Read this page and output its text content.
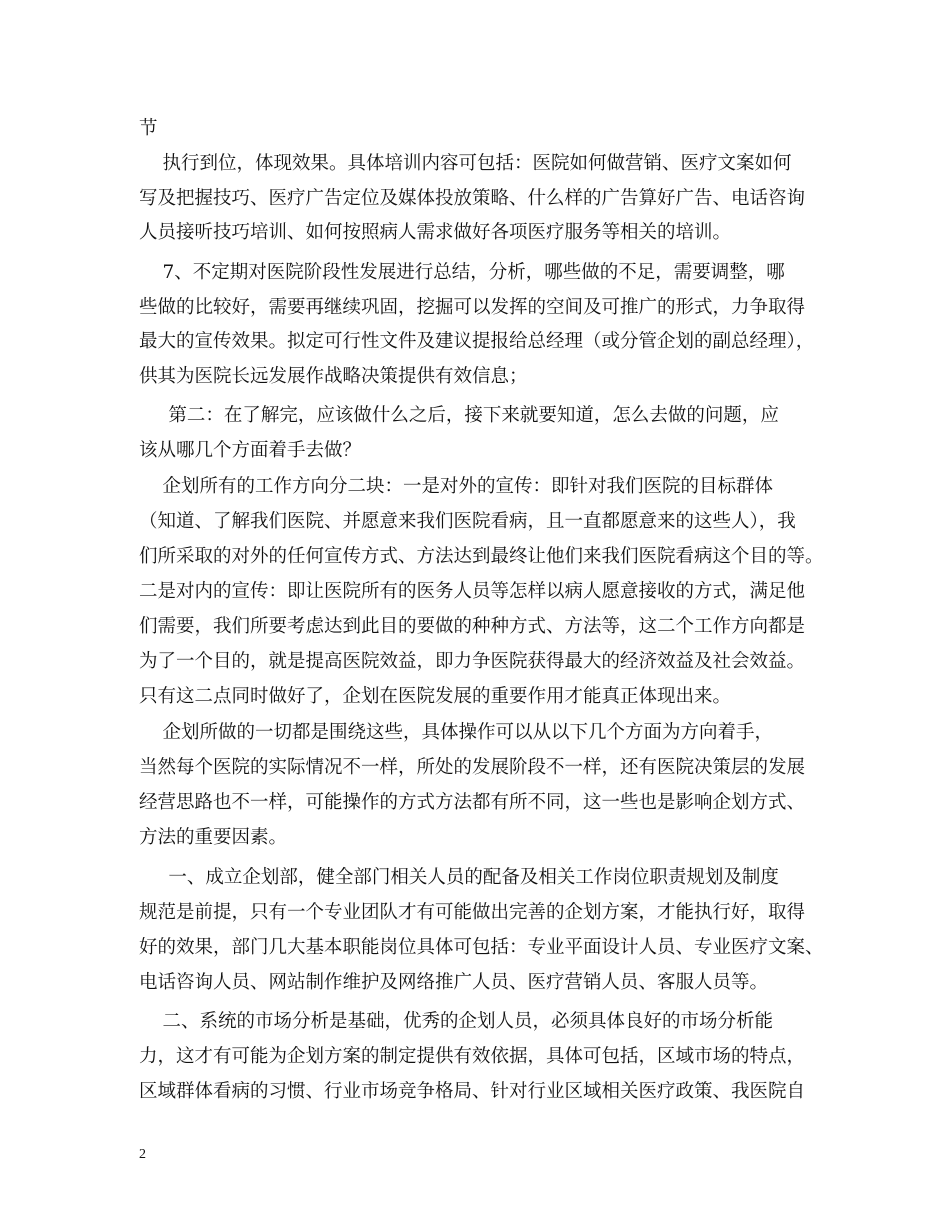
节
执行到位，体现效果。具体培训内容可包括：医院如何做营销、医疗文案如何
写及把握技巧、医疗广告定位及媒体投放策略、什么样的广告算好广告、电话咨询
人员接听技巧培训、如何按照病人需求做好各项医疗服务等相关的培训。
7、不定期对医院阶段性发展进行总结，分析，哪些做的不足，需要调整，哪
些做的比较好，需要再继续巩固，挖掘可以发挥的空间及可推广的形式，力争取得
最大的宣传效果。拟定可行性文件及建议提报给总经理（或分管企划的副总经理），
供其为医院长远发展作战略决策提供有效信息；
第二：在了解完，应该做什么之后，接下来就要知道，怎么去做的问题，应
该从哪几个方面着手去做？
企划所有的工作方向分二块：一是对外的宣传：即针对我们医院的目标群体
（知道、了解我们医院、并愿意来我们医院看病，且一直都愿意来的这些人），我
们所采取的对外的任何宣传方式、方法达到最终让他们来我们医院看病这个目的等。
二是对内的宣传：即让医院所有的医务人员等怎样以病人愿意接收的方式，满足他
们需要，我们所要考虑达到此目的要做的种种方式、方法等，这二个工作方向都是
为了一个目的，就是提高医院效益，即力争医院获得最大的经济效益及社会效益。
只有这二点同时做好了，企划在医院发展的重要作用才能真正体现出来。
企划所做的一切都是围绕这些，具体操作可以从以下几个方面为方向着手，
当然每个医院的实际情况不一样，所处的发展阶段不一样，还有医院决策层的发展
经营思路也不一样，可能操作的方式方法都有所不同，这一些也是影响企划方式、
方法的重要因素。
一、成立企划部，健全部门相关人员的配备及相关工作岗位职责规划及制度
规范是前提，只有一个专业团队才有可能做出完善的企划方案，才能执行好，取得
好的效果，部门几大基本职能岗位具体可包括：专业平面设计人员、专业医疗文案、
电话咨询人员、网站制作维护及网络推广人员、医疗营销人员、客服人员等。
二、系统的市场分析是基础，优秀的企划人员，必须具体良好的市场分析能
力，这才有可能为企划方案的制定提供有效依据，具体可包括，区域市场的特点，
区域群体看病的习惯、行业市场竞争格局、针对行业区域相关医疗政策、我医院自
2
